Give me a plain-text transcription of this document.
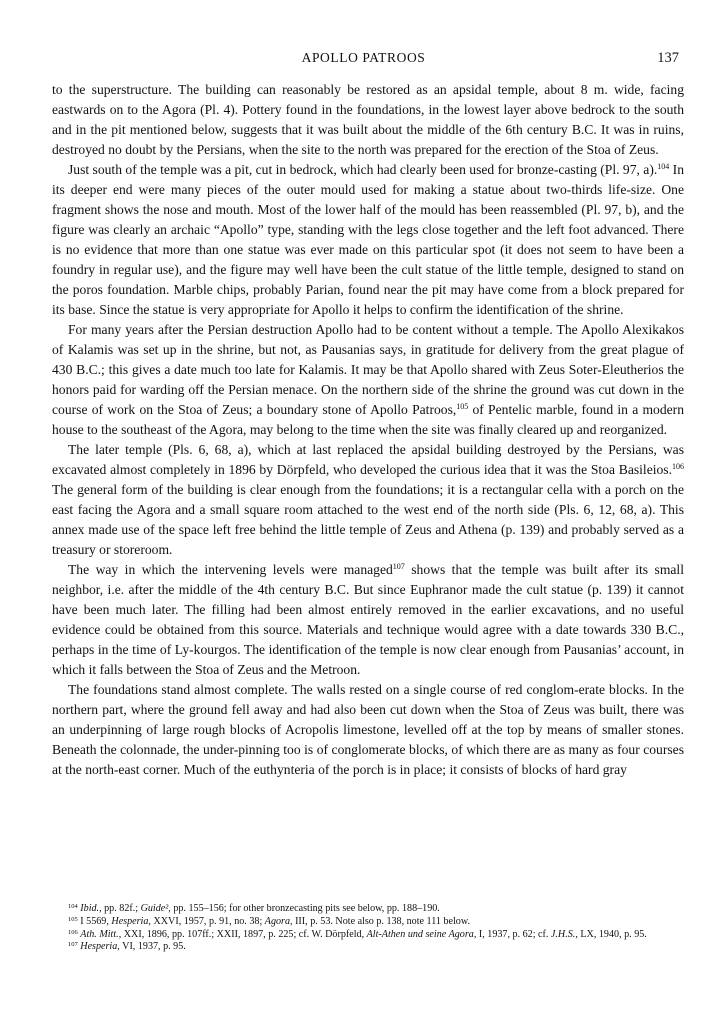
APOLLO PATROOS	137

to the superstructure. The building can reasonably be restored as an apsidal temple, about 8 m. wide, facing eastwards on to the Agora (Pl. 4). Pottery found in the foundations, in the lowest layer above bedrock to the south and in the pit mentioned below, suggests that it was built about the middle of the 6th century B.C. It was in ruins, destroyed no doubt by the Persians, when the site to the north was prepared for the erection of the Stoa of Zeus.

Just south of the temple was a pit, cut in bedrock, which had clearly been used for bronze-casting (Pl. 97, a).$^{104}$ In its deeper end were many pieces of the outer mould used for making a statue about two-thirds life-size. One fragment shows the nose and mouth. Most of the lower half of the mould has been reassembled (Pl. 97, b), and the figure was clearly an archaic “Apollo” type, standing with the legs close together and the left foot advanced. There is no evidence that more than one statue was ever made on this particular spot (it does not seem to have been a foundry in regular use), and the figure may well have been the cult statue of the little temple, designed to stand on the poros foundation. Marble chips, probably Parian, found near the pit may have come from a block prepared for its base. Since the statue is very appropriate for Apollo it helps to confirm the identification of the shrine.

For many years after the Persian destruction Apollo had to be content without a temple. The Apollo Alexikakos of Kalamis was set up in the shrine, but not, as Pausanias says, in gratitude for delivery from the great plague of 430 B.C.; this gives a date much too late for Kalamis. It may be that Apollo shared with Zeus Soter-Eleutherios the honors paid for warding off the Persian menace. On the northern side of the shrine the ground was cut down in the course of work on the Stoa of Zeus; a boundary stone of Apollo Patroos,$^{105}$ of Pentelic marble, found in a modern house to the southeast of the Agora, may belong to the time when the site was finally cleared up and reorganized.

The later temple (Pls. 6, 68, a), which at last replaced the apsidal building destroyed by the Persians, was excavated almost completely in 1896 by Dörpfeld, who developed the curious idea that it was the Stoa Basileios.$^{106}$ The general form of the building is clear enough from the foundations; it is a rectangular cella with a porch on the east facing the Agora and a small square room attached to the west end of the north side (Pls. 6, 12, 68, a). This annex made use of the space left free behind the little temple of Zeus and Athena (p. 139) and probably served as a treasury or storeroom.

The way in which the intervening levels were managed$^{107}$ shows that the temple was built after its small neighbor, i.e. after the middle of the 4th century B.C. But since Euphranor made the cult statue (p. 139) it cannot have been much later. The filling had been almost entirely removed in the earlier excavations, and no useful evidence could be obtained from this source. Materials and technique would agree with a date towards 330 B.C., perhaps in the time of Ly-kourgos. The identification of the temple is now clear enough from Pausanias’ account, in which it falls between the Stoa of Zeus and the Metroon.

The foundations stand almost complete. The walls rested on a single course of red conglom-erate blocks. In the northern part, where the ground fell away and had also been cut down when the Stoa of Zeus was built, there was an underpinning of large rough blocks of Acropolis limestone, levelled off at the top by means of smaller stones. Beneath the colonnade, the under-pinning too is of conglomerate blocks, of which there are as many as four courses at the north-east corner. Much of the euthynteria of the porch is in place; it consists of blocks of hard gray

$^{104}$ Ibid., pp. 82f.; Guide², pp. 155–156; for other bronzecasting pits see below, pp. 188–190.

$^{105}$ I 5569, Hesperia, XXVI, 1957, p. 91, no. 38; Agora, III, p. 53. Note also p. 138, note 111 below.

$^{106}$ Ath. Mitt., XXI, 1896, pp. 107ff.; XXII, 1897, p. 225; cf. W. Dörpfeld, Alt-Athen und seine Agora, I, 1937, p. 62; cf. J.H.S., LX, 1940, p. 95.

$^{107}$ Hesperia, VI, 1937, p. 95.
